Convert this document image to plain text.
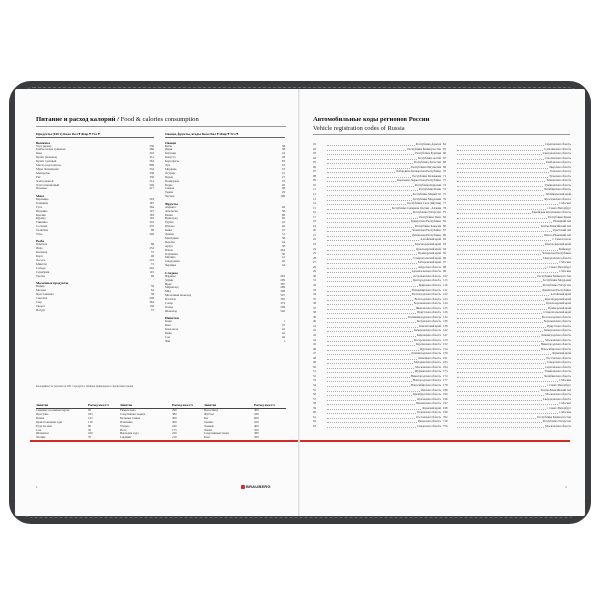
Питание и расход калорий / Food & calories consumption
Продукты (100 г) Ккал Бел ▾ Жир ▾ Угл ▾
Выпечка
Торт (крем)	336
Грибы белые сушеные	286
Кекс	316
Кулич (печенье)	351
Кулич сдобный	364
Масло подсолнечн.	899
Мука пшеничная	334
Макароны	338
Рис	330
Хлеб ржаной	214
Хлеб пшеничный	246
Печенье	417
Мясо
Баранина	203
Говядина	187
Гусь	364
Индейка	197
Кролик	183
Курица	165
Свинина	316
Сосиски	276
Телятина	90
Утка	346
Рыба
Камбала	88
Икра	252
Кальмар	75
Карп	96
Лосось	219
Минтай	72
Сельдь	242
Скумбрия	191
Треска	69
Молочные продукты
Кефир	59
Молоко	64
Простокваша	58
Сметана	206
Сыр	364
Творог	156
Йогурт	57
Овощи, фрукты, ягоды Ккал Бел ▾ Жир ▾ Угл ▾
Овощи
Бобы	58
Дыня	38
Кабачки	24
Капуста	28
Картофель	83
Лук	43
Морковь	33
Огурцы	15
Перец	27
Помидоры	19
Редис	20
Свекла	48
Тыква	29
Чеснок	106
Фрукты
Абрикос	46
Апельсин	38
Банан	89
Виноград	69
Груша	42
Яблоко	46
Киви	47
Лимон	31
Мандарин	38
Персик	44
Арбуз	38
Изюм	264
Клубника	30
Малина	41
Смородина	40
Черника	44
Сладкое
Варенье	265
Зефир	299
Ирис	387
Мармелад	289
Мёд	308
Молочный шоколад	547
Пастила	305
Сахар	374
Халва	509
Шоколад	540
Напитки
Кофе	1
Квас	25
Кока-кола	42
Пиво	42
Сок	46
Чай	1
Калорийность указана на 100 г продукта. Данные приведены в справочных целях.
Занятие	Расход ккал/ч	Занятие	Расход ккал/ч	Занятие	Расход ккал/ч
Сидение за компьютером	95	Гимнастика	290	Велосипед	300
Прогулка	185	Спортивная ходьба	380	Футбол	430
Пение	122	Бальные танцы	300	Бег	600
Приготовление еды	110	Плавание	360	Теннис	420
Езда на авто	60	Уборка	240	Хоккей	400
Сон	50	Йога	175	Лыжи	500
Шахматы	100	Верховая езда	250	Спортивный танец	380
Чтение	70	Сёрфинг	210	Бокс	560
BRAUBERG
1
Автомобильные коды регионов России
Vehicle registration codes of Russia
01	Республика Адыгея
02	Республика Башкортостан
03	Республика Бурятия
04	Республика Алтай
05	Республика Дагестан
06	Республика Ингушетия
07	Кабардино-Балкарская Республика
08	Республика Калмыкия
09	Карачаево-Черкесская Республика
10	Республика Карелия
11	Республика Коми
12	Республика Марий Эл
13	Республика Мордовия
14	Республика Саха (Якутия)
15	Республика Северная Осетия - Алания
16	Республика Татарстан
17	Республика Тыва
18	Удмуртская Республика
19	Республика Хакасия
20	Чеченская Республика
21	Чувашская Республика
22	Алтайский край
23	Краснодарский край
24	Красноярский край
25	Приморский край
26	Ставропольский край
27	Хабаровский край
28	Амурская область
29	Архангельская область
30	Астраханская область
31	Белгородская область
32	Брянская область
33	Владимирская область
34	Волгоградская область
35	Вологодская область
36	Воронежская область
37	Ивановская область
38	Иркутская область
39	Калининградская область
40	Калужская область
41	Камчатский край
42	Кемеровская область
43	Кировская область
44	Костромская область
45	Курганская область
46	Курская область
47	Ленинградская область
48	Липецкая область
49	Магаданская область
50	Московская область
51	Мурманская область
52	Нижегородская область
53	Новгородская область
54	Новосибирская область
55	Омская область
56	Оренбургская область
57	Орловская область
58	Пензенская область
59	Пермский край
60	Псковская область
61	Ростовская область
62	Рязанская область
63	Самарская область
64	Саратовская область
65	Сахалинская область
66	Свердловская область
67	Смоленская область
68	Тамбовская область
69	Тверская область
70	Томская область
71	Тульская область
72	Тюменская область
73	Ульяновская область
74	Челябинская область
75	Забайкальский край
76	Ярославская область
77	г. Москва
78	г. Санкт-Петербург
79	Еврейская автономная область
82	Республика Крым
83	Ненецкий АО
86	Ханты-Мансийский АО
87	Чукотский АО
89	Ямало-Ненецкий АО
92	г. Севастополь
93	Краснодарский край
94	Байконур
95	Чеченская Республика
96	Свердловская область
97	г. Москва
98	г. Санкт-Петербург
99	г. Москва
102	Республика Башкортостан
113	Республика Мордовия
116	Республика Татарстан
121	Чувашская Республика
122	Алтайский край
123	Краснодарский край
124	Красноярский край
125	Приморский край
126	Ставропольский край
134	Волгоградская область
136	Воронежская область
138	Иркутская область
142	Кемеровская область
147	Ленинградская область
150	Московская область
152	Нижегородская область
154	Новосибирская область
159	Пермский край
161	Ростовская область
163	Самарская область
164	Саратовская область
173	Ульяновская область
174	Челябинская область
177	г. Москва
178	г. Санкт-Петербург
186	Ханты-Мансийский АО
190	Московская область
196	Свердловская область
197	г. Москва
198	г. Санкт-Петербург
199	г. Москва
702	Республика Башкортостан
716	Республика Татарстан
750	Московская область
2
